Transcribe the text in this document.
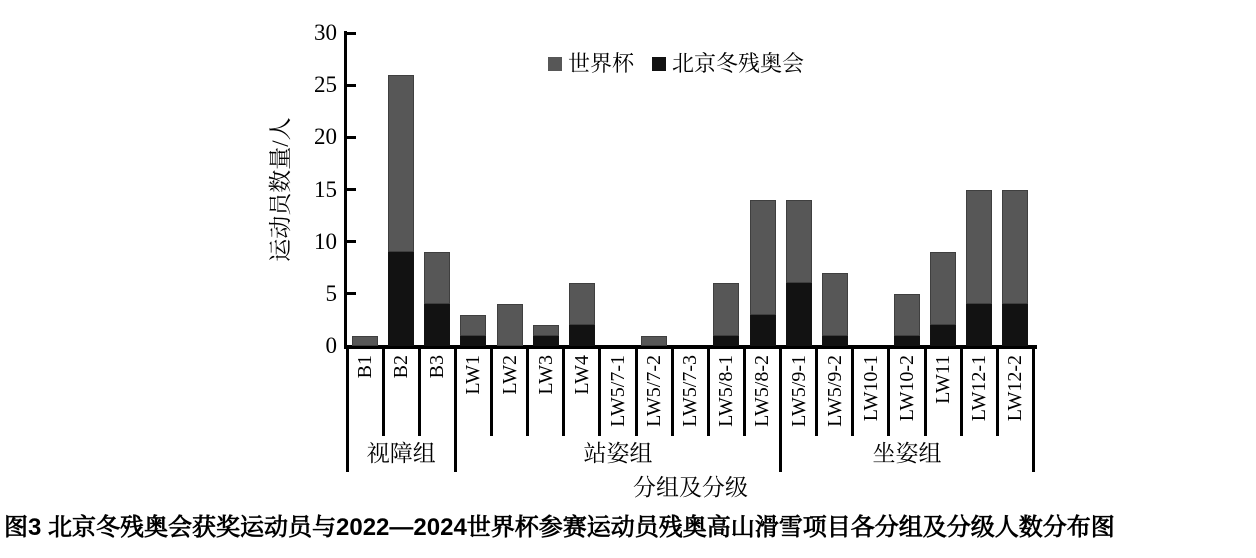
世界杯 北京冬残奥会
运动员数量/人
0
5
10
15
20
25
30
B1 B2 B3 LW1 LW2 LW3 LW4 LW5/7-1 LW5/7-2 LW5/7-3 LW5/8-1 LW5/8-2 LW5/9-1 LW5/9-2 LW10-1 LW10-2 LW11 LW12-1 LW12-2
视障组	站姿组	坐姿组
分组及分级
图3 北京冬残奥会获奖运动员与2022—2024世界杯参赛运动员残奥高山滑雪项目各分组及分级人数分布图
